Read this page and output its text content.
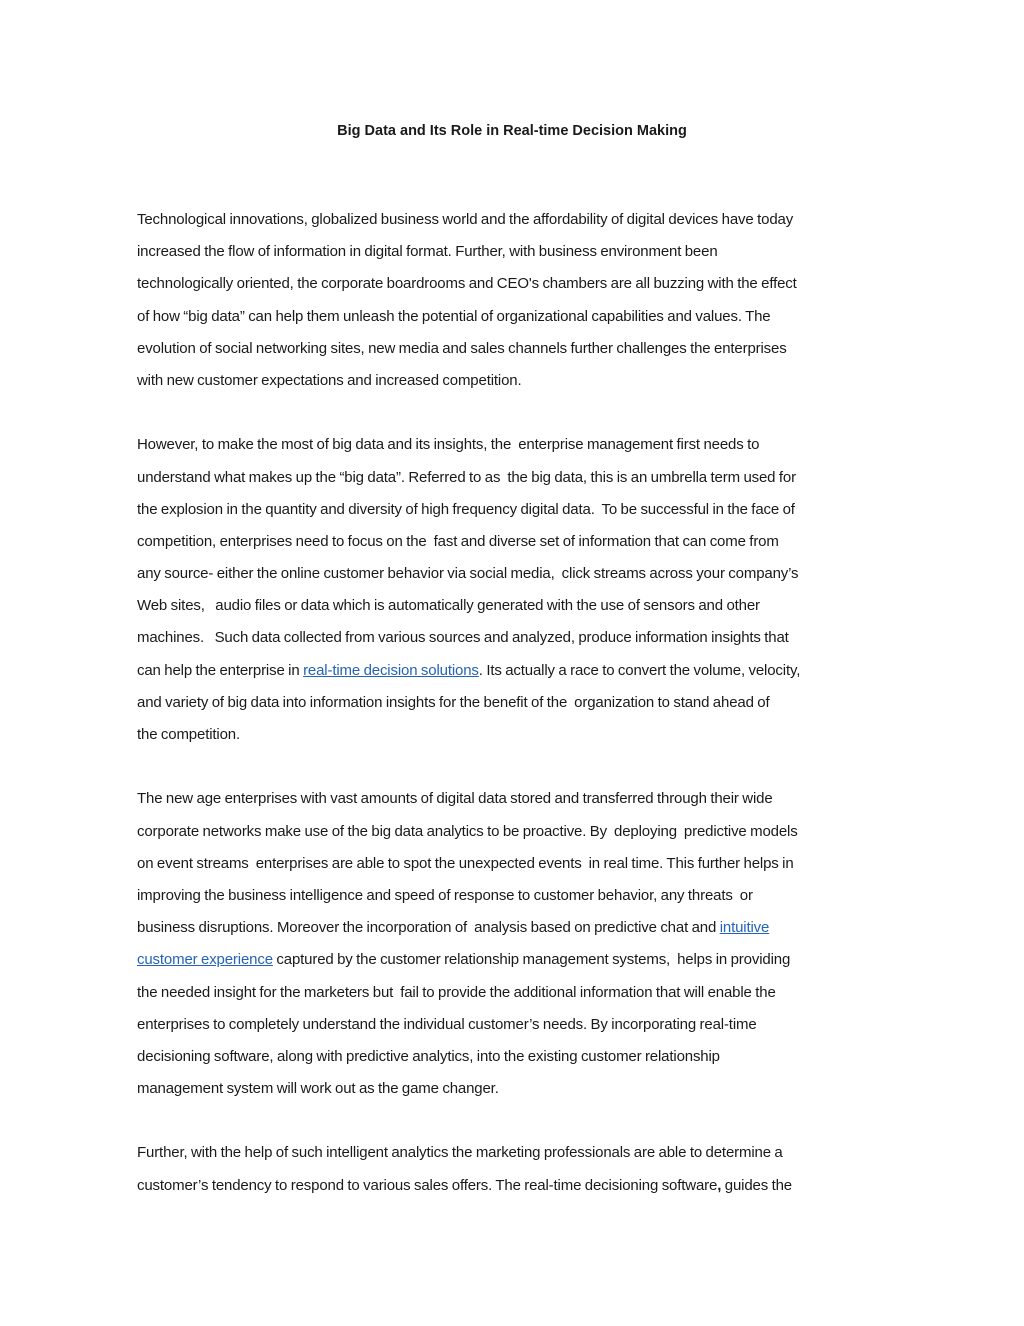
Big Data and Its Role in Real-time Decision Making
Technological innovations, globalized business world and the affordability of digital devices have today
increased the flow of information in digital format. Further, with business environment been
technologically oriented, the corporate boardrooms and CEO's chambers are all buzzing with the effect
of how “big data” can help them unleash the potential of organizational capabilities and values. The
evolution of social networking sites, new media and sales channels further challenges the enterprises
with new customer expectations and increased competition.
However, to make the most of big data and its insights, the  enterprise management first needs to
understand what makes up the “big data”. Referred to as  the big data, this is an umbrella term used for
the explosion in the quantity and diversity of high frequency digital data.  To be successful in the face of
competition, enterprises need to focus on the  fast and diverse set of information that can come from
any source- either the online customer behavior via social media,  click streams across your company’s
Web sites,   audio files or data which is automatically generated with the use of sensors and other
machines.   Such data collected from various sources and analyzed, produce information insights that
can help the enterprise in real-time decision solutions. Its actually a race to convert the volume, velocity,
and variety of big data into information insights for the benefit of the  organization to stand ahead of
the competition.
The new age enterprises with vast amounts of digital data stored and transferred through their wide
corporate networks make use of the big data analytics to be proactive. By  deploying  predictive models
on event streams  enterprises are able to spot the unexpected events  in real time. This further helps in
improving the business intelligence and speed of response to customer behavior, any threats  or
business disruptions. Moreover the incorporation of  analysis based on predictive chat and intuitive
customer experience captured by the customer relationship management systems,  helps in providing
the needed insight for the marketers but  fail to provide the additional information that will enable the
enterprises to completely understand the individual customer’s needs. By incorporating real-time
decisioning software, along with predictive analytics, into the existing customer relationship
management system will work out as the game changer.
Further, with the help of such intelligent analytics the marketing professionals are able to determine a
customer’s tendency to respond to various sales offers. The real-time decisioning software, guides the
